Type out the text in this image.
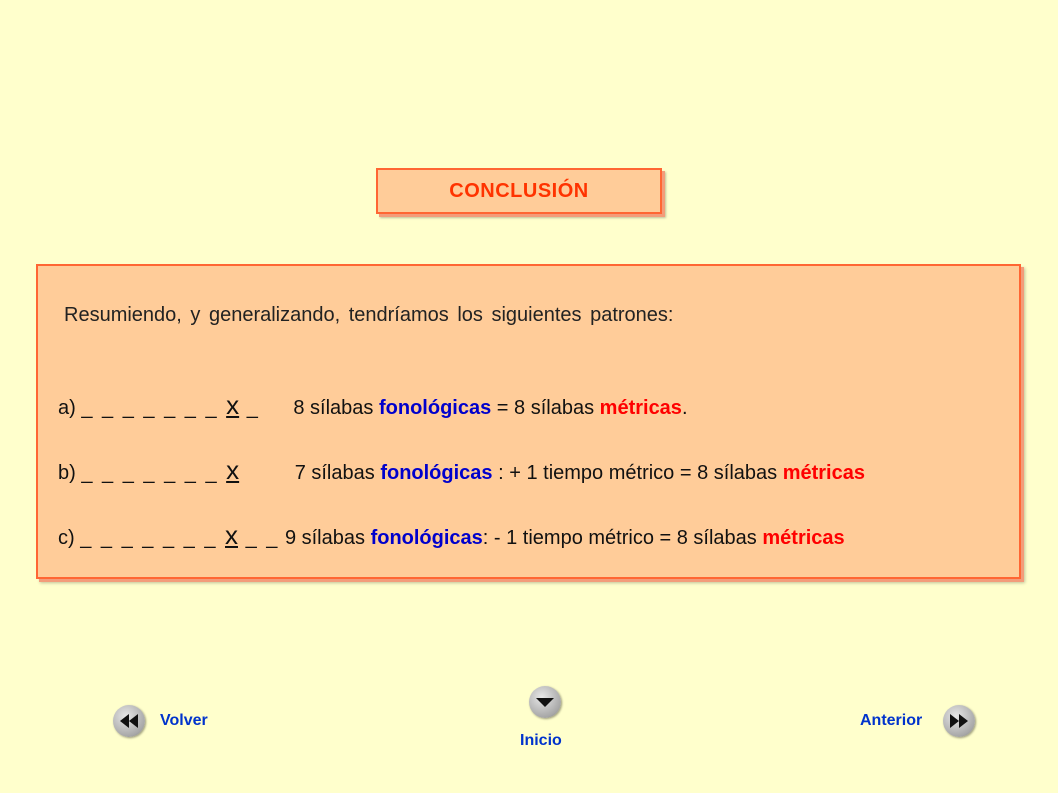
CONCLUSIÓN
Resumiendo, y generalizando, tendríamos los siguientes patrones:
a) _ _ _ _ _ _ _ x _ 8 sílabas fonológicas = 8 sílabas métricas.
b) _ _ _ _ _ _ _ x	7 sílabas fonológicas : + 1 tiempo métrico = 8 sílabas métricas
c) _ _ _ _ _ _ _ x _ _ 9 sílabas fonológicas: - 1 tiempo métrico = 8 sílabas métricas
Volver
Inicio
Anterior
